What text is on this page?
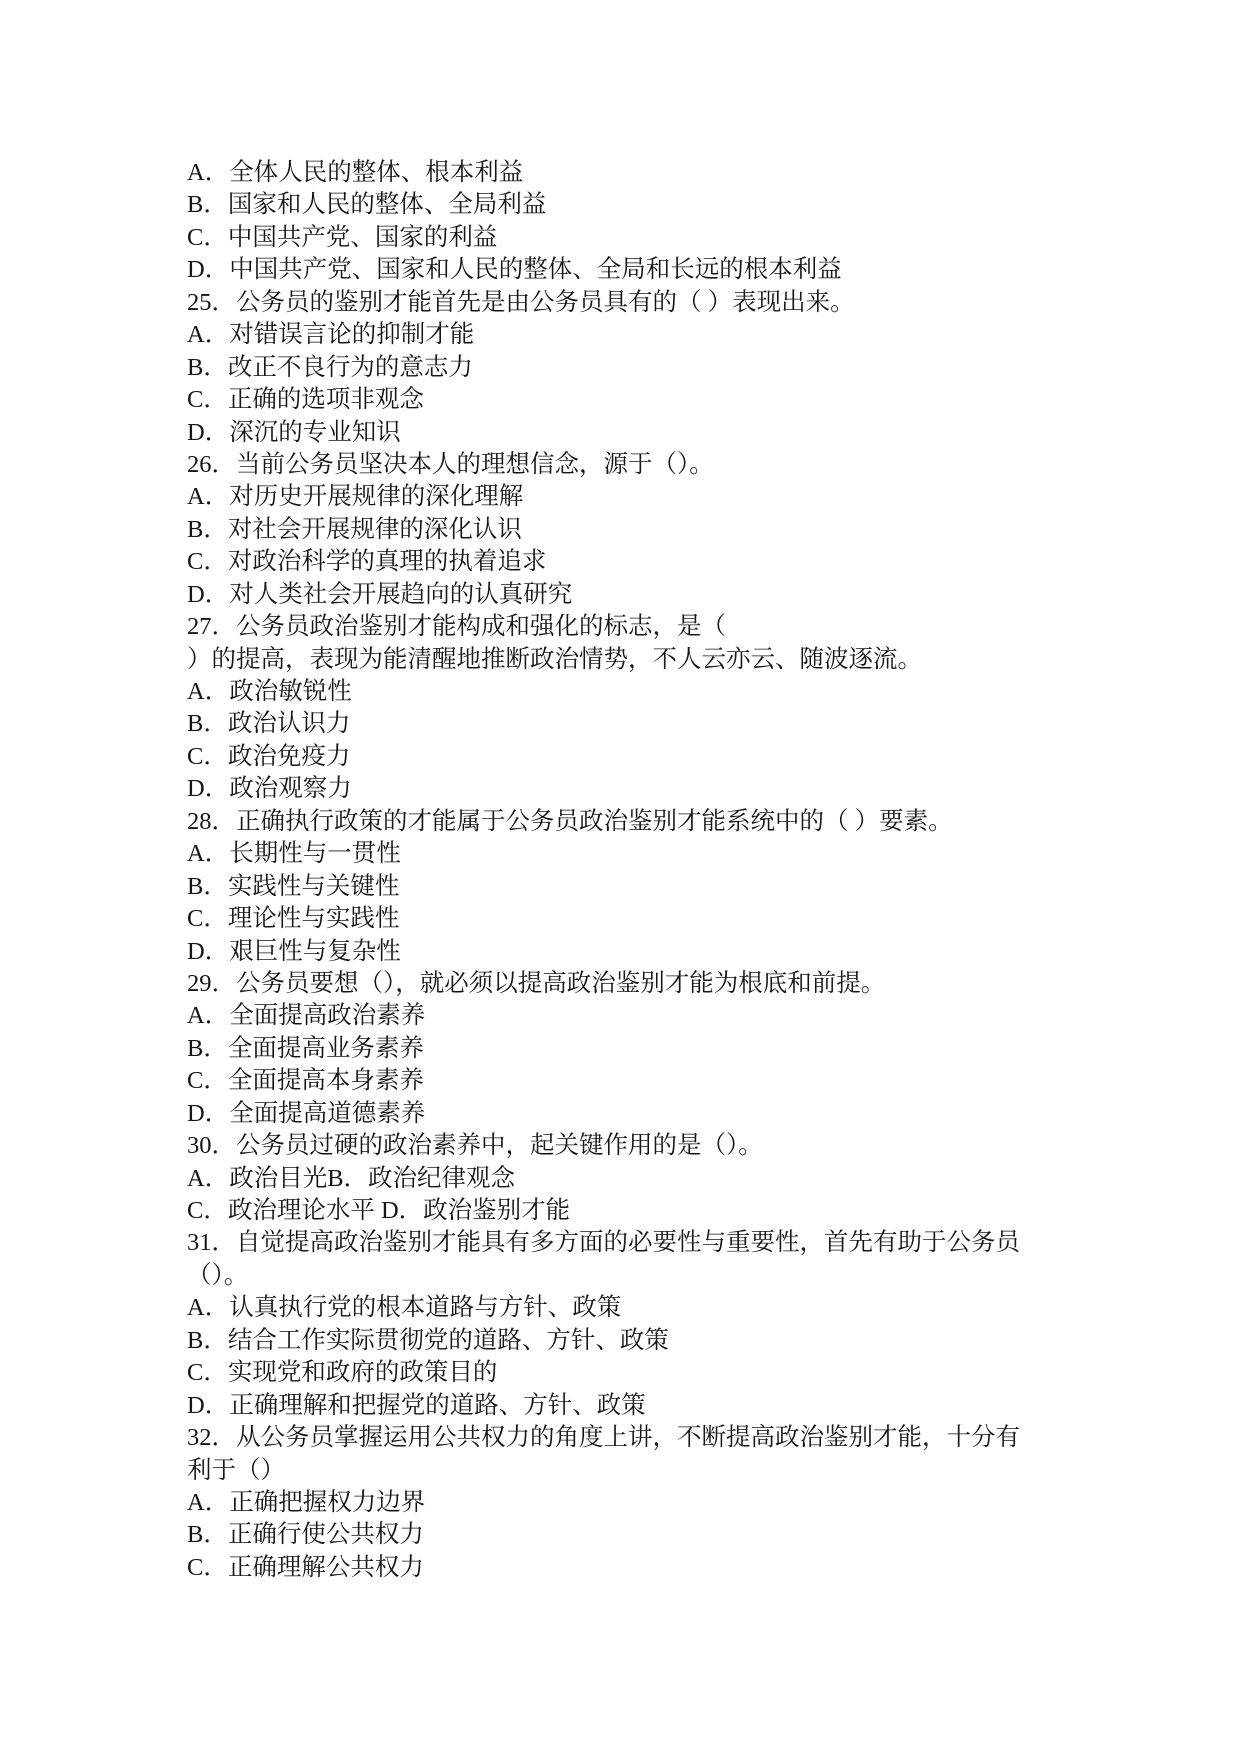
A．全体人民的整体、根本利益
B．国家和人民的整体、全局利益
C．中国共产党、国家的利益
D．中国共产党、国家和人民的整体、全局和长远的根本利益
25．公务员的鉴别才能首先是由公务员具有的（ ）表现出来。
A．对错误言论的抑制才能
B．改正不良行为的意志力
C．正确的选项非观念
D．深沉的专业知识
26．当前公务员坚决本人的理想信念，源于（）。
A．对历史开展规律的深化理解
B．对社会开展规律的深化认识
C．对政治科学的真理的执着追求
D．对人类社会开展趋向的认真研究
27．公务员政治鉴别才能构成和强化的标志，是（
）的提高，表现为能清醒地推断政治情势，不人云亦云、随波逐流。
A．政治敏锐性
B．政治认识力
C．政治免疫力
D．政治观察力
28．正确执行政策的才能属于公务员政治鉴别才能系统中的（ ）要素。
A．长期性与一贯性
B．实践性与关键性
C．理论性与实践性
D．艰巨性与复杂性
29．公务员要想（），就必须以提高政治鉴别才能为根底和前提。
A．全面提高政治素养
B．全面提高业务素养
C．全面提高本身素养
D．全面提高道德素养
30．公务员过硬的政治素养中，起关键作用的是（）。
A．政治目光B．政治纪律观念
C．政治理论水平 D．政治鉴别才能
31．自觉提高政治鉴别才能具有多方面的必要性与重要性，首先有助于公务员
（）。
A．认真执行党的根本道路与方针、政策
B．结合工作实际贯彻党的道路、方针、政策
C．实现党和政府的政策目的
D．正确理解和把握党的道路、方针、政策
32．从公务员掌握运用公共权力的角度上讲，不断提高政治鉴别才能，十分有
利于（）
A．正确把握权力边界
B．正确行使公共权力
C．正确理解公共权力
